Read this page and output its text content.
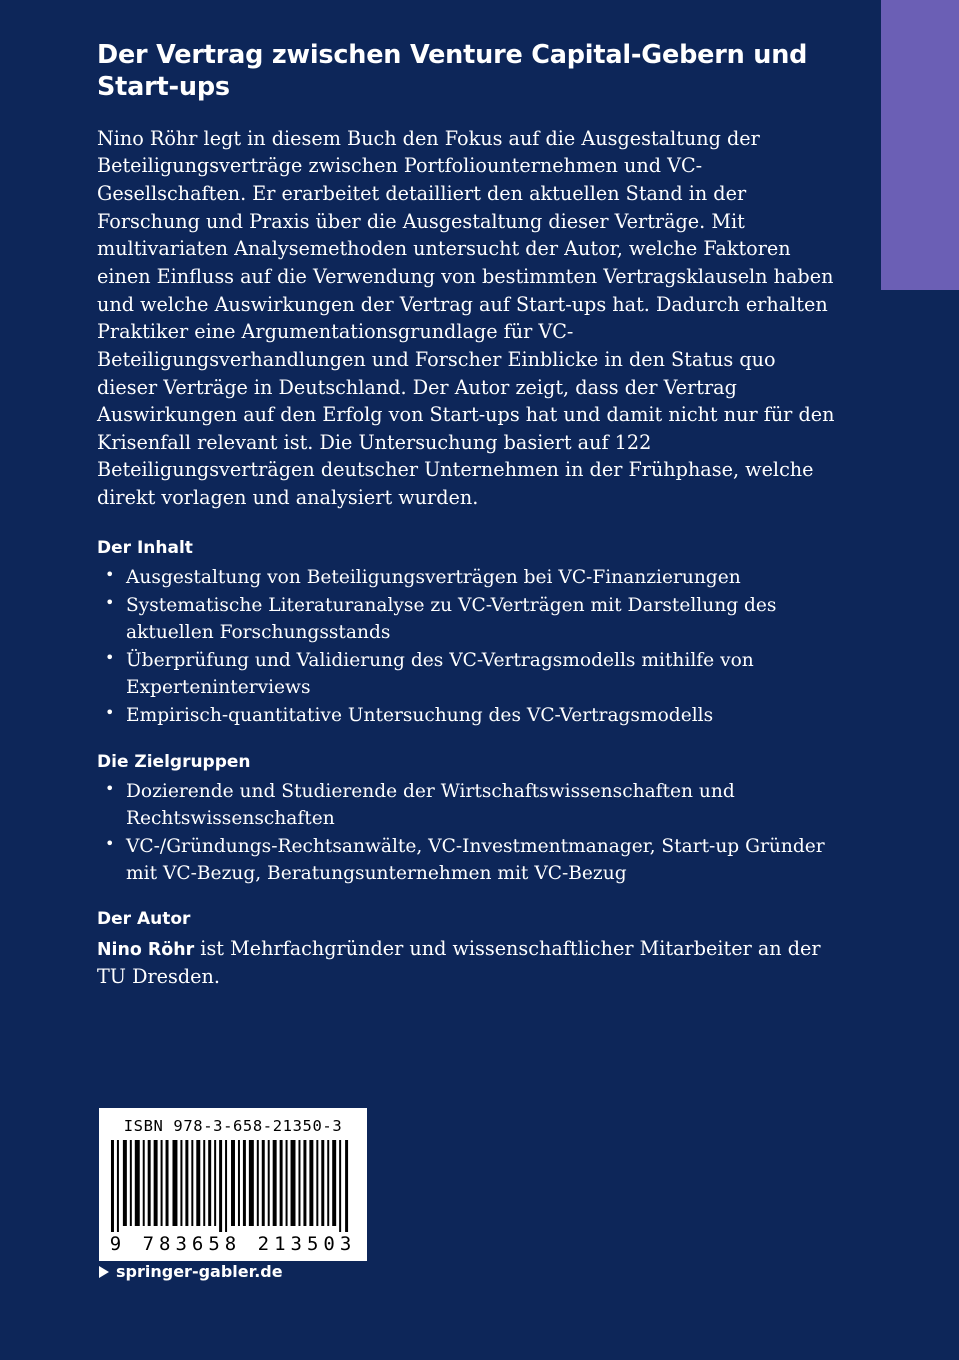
Der Vertrag zwischen Venture Capital-Gebern und Start-ups

Nino Röhr legt in diesem Buch den Fokus auf die Ausgestaltung der Beteiligungsverträge zwischen Portfoliounternehmen und VC-Gesellschaften. Er erarbeitet detailliert den aktuellen Stand in der Forschung und Praxis über die Ausgestaltung dieser Verträge. Mit multivariaten Analysemethoden untersucht der Autor, welche Faktoren einen Einfluss auf die Verwendung von bestimmten Vertragsklauseln haben und welche Auswirkungen der Vertrag auf Start-ups hat. Dadurch erhalten Praktiker eine Argumentationsgrundlage für VC-Beteiligungsverhandlungen und Forscher Einblicke in den Status quo dieser Verträge in Deutschland. Der Autor zeigt, dass der Vertrag Auswirkungen auf den Erfolg von Start-ups hat und damit nicht nur für den Krisenfall relevant ist. Die Untersuchung basiert auf 122 Beteiligungsverträgen deutscher Unternehmen in der Frühphase, welche direkt vorlagen und analysiert wurden.

Der Inhalt
• Ausgestaltung von Beteiligungsverträgen bei VC-Finanzierungen
• Systematische Literaturanalyse zu VC-Verträgen mit Darstellung des aktuellen Forschungsstands
• Überprüfung und Validierung des VC-Vertragsmodells mithilfe von Experteninterviews
• Empirisch-quantitative Untersuchung des VC-Vertragsmodells
Die Zielgruppen
• Dozierende und Studierende der Wirtschaftswissenschaften und Rechtswissenschaften
• VC-/Gründungs-Rechtsanwälte, VC-Investmentmanager, Start-up Gründer mit VC-Bezug, Beratungsunternehmen mit VC-Bezug
Der Autor

Nino Röhr ist Mehrfachgründer und wissenschaftlicher Mitarbeiter an der TU Dresden.

ISBN 978-3-658-21350-3
9 783658 213503
springer-gabler.de
